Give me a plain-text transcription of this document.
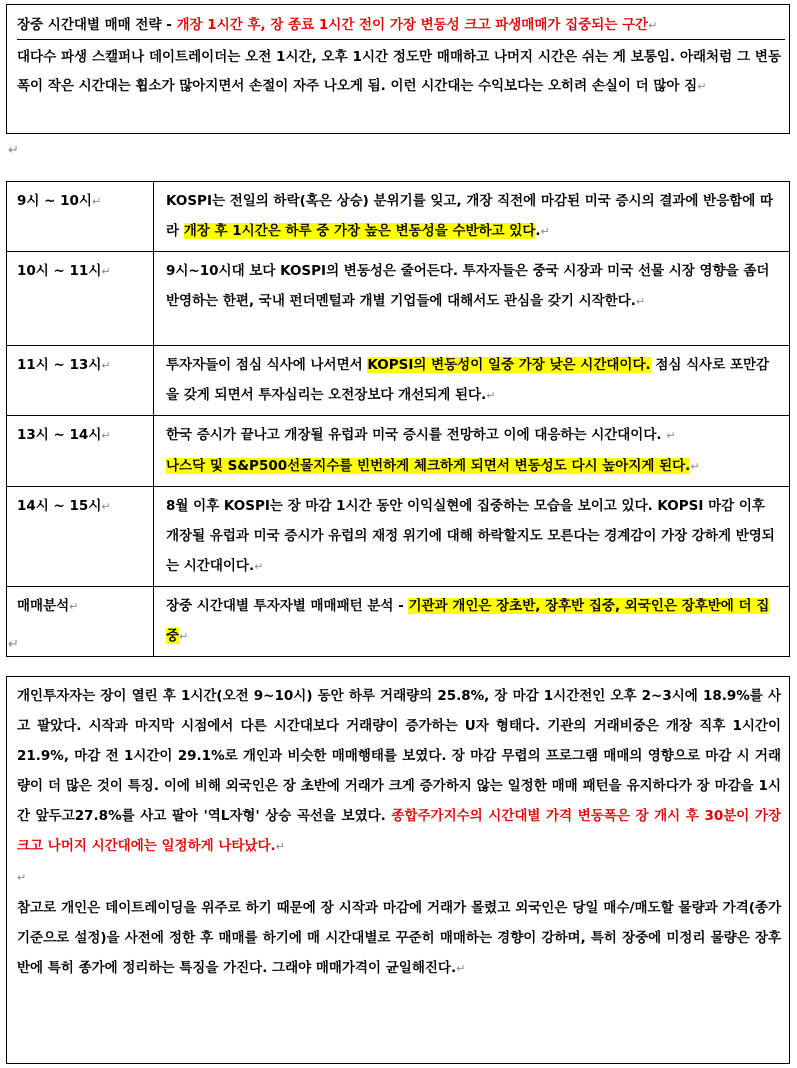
장중 시간대별 매매 전략 - 개장 1시간 후, 장 종료 1시간 전이 가장 변동성 크고 파생매매가 집중되는 구간↵
대다수 파생 스캘퍼나 데이트레이더는 오전 1시간, 오후 1시간 정도만 매매하고 나머지 시간은 쉬는 게 보통임. 아래처럼 그 변동폭이 작은 시간대는 휩소가 많아지면서 손절이 자주 나오게 됨. 이런 시간대는 수익보다는 오히려 손실이 더 많아 짐↵
↵
9시 ~ 10시↵	KOSPI는 전일의 하락(혹은 상승) 분위기를 잊고, 개장 직전에 마감된 미국 증시의 결과에 반응함에 따라 개장 후 1시간은 하루 중 가장 높은 변동성을 수반하고 있다.↵
10시 ~ 11시↵	9시~10시대 보다 KOSPI의 변동성은 줄어든다. 투자자들은 중국 시장과 미국 선물 시장 영향을 좀더 반영하는 한편, 국내 펀더멘털과 개별 기업들에 대해서도 관심을 갖기 시작한다.↵
11시 ~ 13시↵	투자자들이 점심 식사에 나서면서 KOPSI의 변동성이 일중 가장 낮은 시간대이다. 점심 식사로 포만감을 갖게 되면서 투자심리는 오전장보다 개선되게 된다.↵
13시 ~ 14시↵	한국 증시가 끝나고 개장될 유럽과 미국 증시를 전망하고 이에 대응하는 시간대이다. ↵
나스닥 및 S&P500선물지수를 빈번하게 체크하게 되면서 변동성도 다시 높아지게 된다.↵
14시 ~ 15시↵	8월 이후 KOSPI는 장 마감 1시간 동안 이익실현에 집중하는 모습을 보이고 있다. KOPSI 마감 이후 개장될 유럽과 미국 증시가 유럽의 재정 위기에 대해 하락할지도 모른다는 경계감이 가장 강하게 반영되는 시간대이다.↵
매매분석↵	장중 시간대별 투자자별 매매패턴 분석 - 기관과 개인은 장초반, 장후반 집중, 외국인은 장후반에 더 집중↵
↵
개인투자자는 장이 열린 후 1시간(오전 9~10시) 동안 하루 거래량의 25.8%, 장 마감 1시간전인 오후 2~3시에 18.9%를 사고 팔았다. 시작과 마지막 시점에서 다른 시간대보다 거래량이 증가하는 U자 형태다. 기관의 거래비중은 개장 직후 1시간이 21.9%, 마감 전 1시간이 29.1%로 개인과 비슷한 매매행태를 보였다. 장 마감 무렵의 프로그램 매매의 영향으로 마감 시 거래량이 더 많은 것이 특징. 이에 비해 외국인은 장 초반에 거래가 크게 증가하지 않는 일정한 매매 패턴을 유지하다가 장 마감을 1시간 앞두고27.8%를 사고 팔아 '역L자형' 상승 곡선을 보였다. 종합주가지수의 시간대별 가격 변동폭은 장 개시 후 30분이 가장 크고 나머지 시간대에는 일정하게 나타났다.↵
↵
참고로 개인은 데이트레이딩을 위주로 하기 때문에 장 시작과 마감에 거래가 몰렸고 외국인은 당일 매수/매도할 물량과 가격(종가기준으로 설정)을 사전에 정한 후 매매를 하기에 매 시간대별로 꾸준히 매매하는 경향이 강하며, 특히 장중에 미정리 물량은 장후반에 특히 종가에 정리하는 특징을 가진다. 그래야 매매가격이 균일해진다.↵
